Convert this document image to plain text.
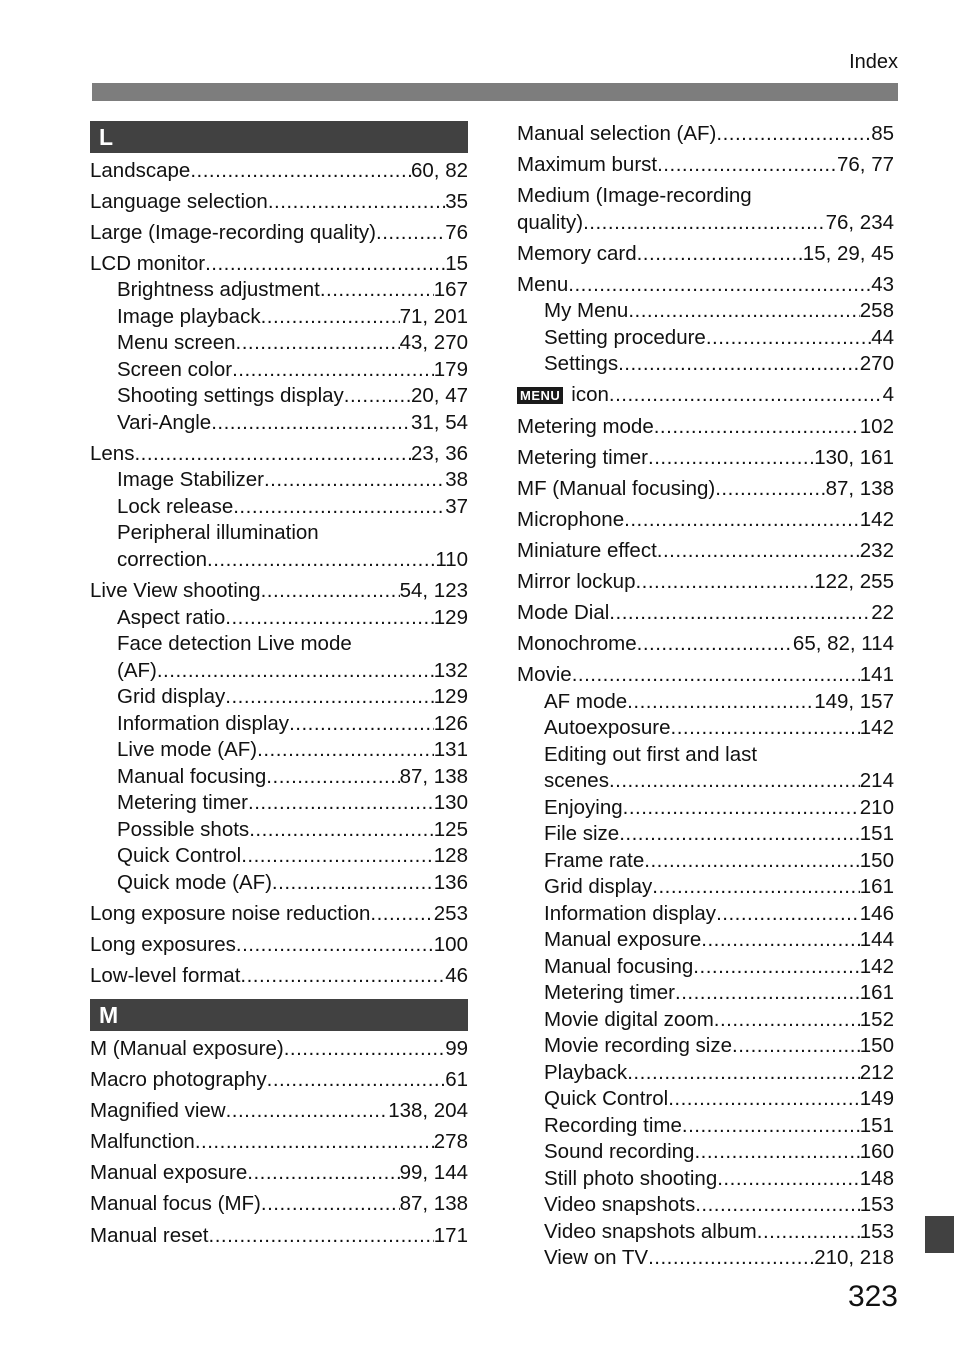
Index
L
Landscape .....	60, 82
Language selection .....	35
Large (Image-recording quality) .....	76
LCD monitor .....	15
Brightness adjustment .....	167
Image playback .....	71, 201
Menu screen .....	43, 270
Screen color .....	179
Shooting settings display .....	20, 47
Vari-Angle .....	31, 54
Lens .....	23, 36
Image Stabilizer .....	38
Lock release .....	37
Peripheral illumination
correction .....	110
Live View shooting .....	54, 123
Aspect ratio .....	129
Face detection Live mode
(AF) .....	132
Grid display .....	129
Information display .....	126
Live mode (AF) .....	131
Manual focusing .....	87, 138
Metering timer .....	130
Possible shots .....	125
Quick Control .....	128
Quick mode (AF) .....	136
Long exposure noise reduction .....	253
Long exposures .....	100
Low-level format .....	46
M
M (Manual exposure) .....	99
Macro photography .....	61
Magnified view .....	138, 204
Malfunction .....	278
Manual exposure .....	99, 144
Manual focus (MF) .....	87, 138
Manual reset .....	171
Manual selection (AF) .....	85
Maximum burst .....	76, 77
Medium (Image-recording
quality) .....	76, 234
Memory card .....	15, 29, 45
Menu .....	43
My Menu .....	258
Setting procedure .....	44
Settings .....	270
MENU icon .....	4
Metering mode .....	102
Metering timer .....	130, 161
MF (Manual focusing) .....	87, 138
Microphone .....	142
Miniature effect .....	232
Mirror lockup .....	122, 255
Mode Dial .....	22
Monochrome .....	65, 82, 114
Movie .....	141
AF mode .....	149, 157
Autoexposure .....	142
Editing out first and last
scenes .....	214
Enjoying .....	210
File size .....	151
Frame rate .....	150
Grid display .....	161
Information display .....	146
Manual exposure .....	144
Manual focusing .....	142
Metering timer .....	161
Movie digital zoom .....	152
Movie recording size .....	150
Playback .....	212
Quick Control .....	149
Recording time .....	151
Sound recording .....	160
Still photo shooting .....	148
Video snapshots .....	153
Video snapshots album .....	153
View on TV .....	210, 218
323
